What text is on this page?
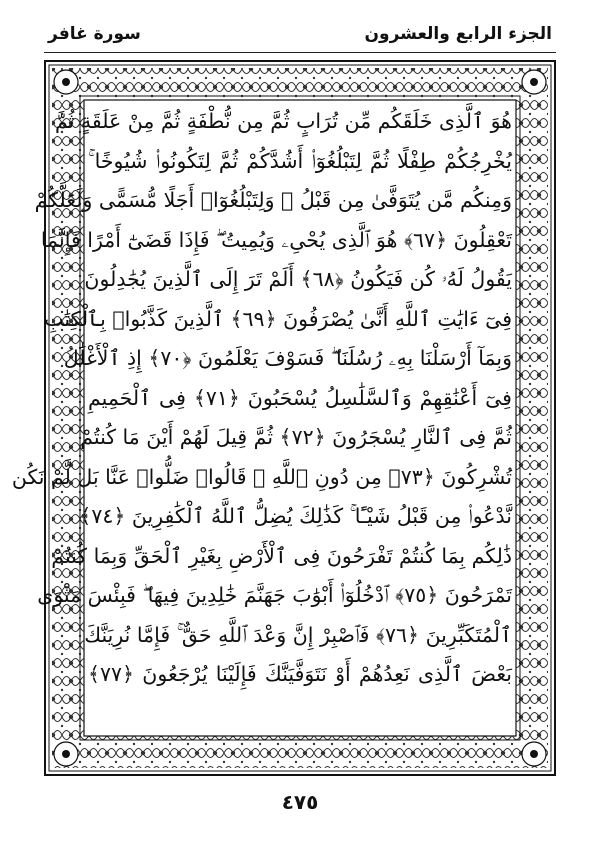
سورة غافر	الجزء الرابع والعشرون
هُوَ ٱلَّذِى خَلَقَكُم مِّن تُرَابٍ ثُمَّ مِن نُّطْفَةٍ ثُمَّ مِنْ عَلَقَةٍ ثُمَّ
يُخْرِجُكُمْ طِفْلًا ثُمَّ لِتَبْلُغُوٓا۟ أَشُدَّكُمْ ثُمَّ لِتَكُونُوا۟ شُيُوخًا ۚ
وَمِنكُم مَّن يُتَوَفَّىٰ مِن قَبْلُ ۖ وَلِتَبْلُغُوٓا۟ أَجَلًا مُّسَمًّى وَلَعَلَّكُمْ
تَعْقِلُونَ ﴿٦٧﴾ هُوَ ٱلَّذِى يُحْىِۦ وَيُمِيتُ ۖ فَإِذَا قَضَىٰٓ أَمْرًا فَإِنَّمَا
يَقُولُ لَهُۥ كُن فَيَكُونُ ﴿٦٨﴾ أَلَمْ تَرَ إِلَى ٱلَّذِينَ يُجَٰدِلُونَ
فِىٓ ءَايَٰتِ ٱللَّهِ أَنَّىٰ يُصْرَفُونَ ﴿٦٩﴾ ٱلَّذِينَ كَذَّبُوا۟ بِٱلْكِتَٰبِ
وَبِمَآ أَرْسَلْنَا بِهِۦ رُسُلَنَا ۖ فَسَوْفَ يَعْلَمُونَ ﴿٧٠﴾ إِذِ ٱلْأَغْلَٰلُ
فِىٓ أَعْنَٰقِهِمْ وَٱلسَّلَٰسِلُ يُسْحَبُونَ ﴿٧١﴾ فِى ٱلْحَمِيمِ
ثُمَّ فِى ٱلنَّارِ يُسْجَرُونَ ﴿٧٢﴾ ثُمَّ قِيلَ لَهُمْ أَيْنَ مَا كُنتُمْ
تُشْرِكُونَ ﴿٧٣﴾ مِن دُونِ ٱللَّهِ ۖ قَالُوا۟ ضَلُّوا۟ عَنَّا بَل لَّمْ نَكُن
نَّدْعُوا۟ مِن قَبْلُ شَيْـًٔا ۚ كَذَٰلِكَ يُضِلُّ ٱللَّهُ ٱلْكَٰفِرِينَ ﴿٧٤﴾
ذَٰلِكُم بِمَا كُنتُمْ تَفْرَحُونَ فِى ٱلْأَرْضِ بِغَيْرِ ٱلْحَقِّ وَبِمَا كُنتُمْ
تَمْرَحُونَ ﴿٧٥﴾ ٱدْخُلُوٓا۟ أَبْوَٰبَ جَهَنَّمَ خَٰلِدِينَ فِيهَا ۖ فَبِئْسَ مَثْوَى
ٱلْمُتَكَبِّرِينَ ﴿٧٦﴾ فَٱصْبِرْ إِنَّ وَعْدَ ٱللَّهِ حَقٌّ ۚ فَإِمَّا نُرِيَنَّكَ
بَعْضَ ٱلَّذِى نَعِدُهُمْ أَوْ نَتَوَفَّيَنَّكَ فَإِلَيْنَا يُرْجَعُونَ ﴿٧٧﴾
٤٧٥
